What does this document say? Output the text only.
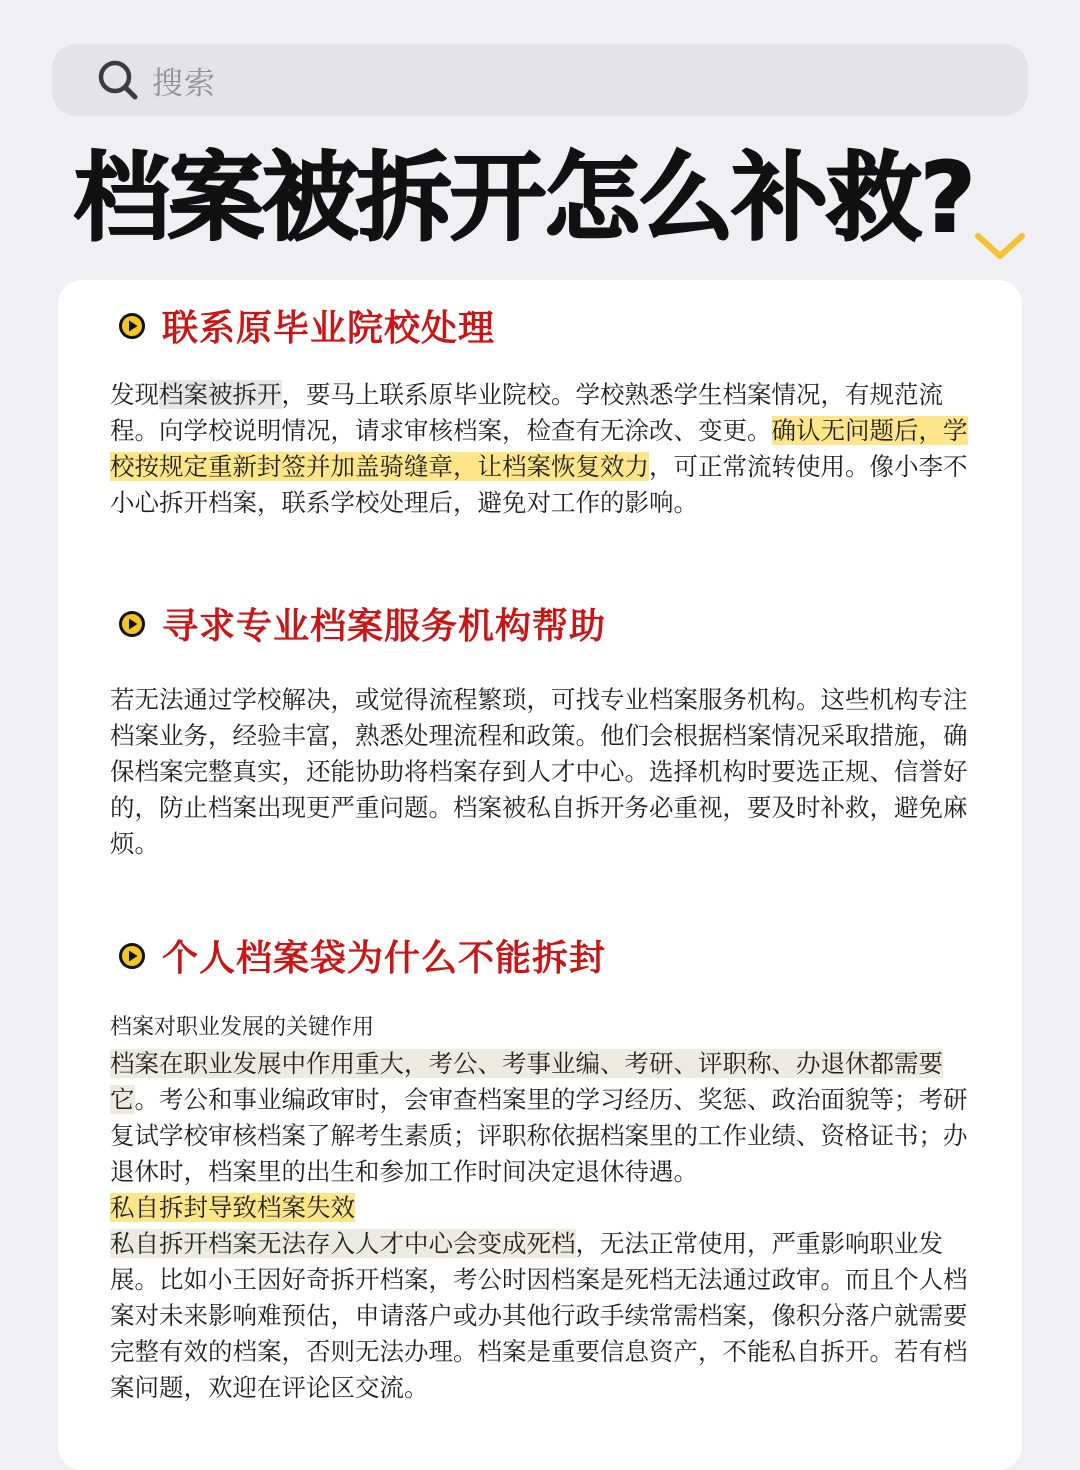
搜索
档案被拆开怎么补救?
联系原毕业院校处理

发现档案被拆开，要马上联系原毕业院校。学校熟悉学生档案情况，有规范流程。向学校说明情况，请求审核档案，检查有无涂改、变更。确认无问题后，学校按规定重新封签并加盖骑缝章，让档案恢复效力，可正常流转使用。像小李不小心拆开档案，联系学校处理后，避免对工作的影响。

寻求专业档案服务机构帮助

若无法通过学校解决，或觉得流程繁琐，可找专业档案服务机构。这些机构专注档案业务，经验丰富，熟悉处理流程和政策。他们会根据档案情况采取措施，确保档案完整真实，还能协助将档案存到人才中心。选择机构时要选正规、信誉好的，防止档案出现更严重问题。档案被私自拆开务必重视，要及时补救，避免麻烦。

个人档案袋为什么不能拆封

档案对职业发展的关键作用

档案在职业发展中作用重大，考公、考事业编、考研、评职称、办退休都需要它。考公和事业编政审时，会审查档案里的学习经历、奖惩、政治面貌等；考研复试学校审核档案了解考生素质；评职称依据档案里的工作业绩、资格证书；办退休时，档案里的出生和参加工作时间决定退休待遇。

私自拆封导致档案失效

私自拆开档案无法存入人才中心会变成死档，无法正常使用，严重影响职业发展。比如小王因好奇拆开档案，考公时因档案是死档无法通过政审。而且个人档案对未来影响难预估，申请落户或办其他行政手续常需档案，像积分落户就需要完整有效的档案，否则无法办理。档案是重要信息资产，不能私自拆开。若有档案问题，欢迎在评论区交流。
